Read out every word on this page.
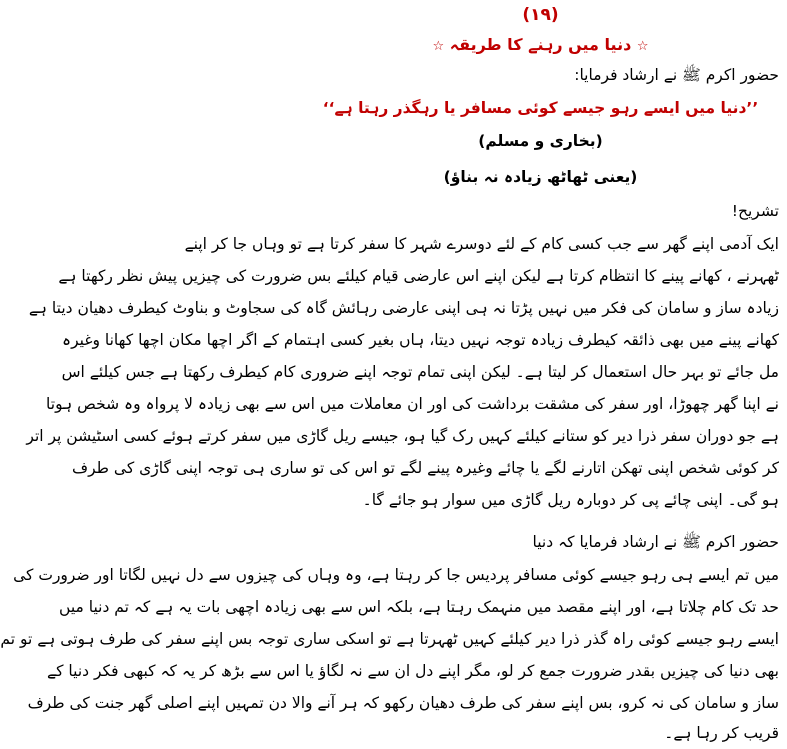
(۱۹)
☆ دنیا میں رہنے کا طریقہ ☆
حضور اکرم ﷺ نے ارشاد فرمایا:
’’دنیا میں ایسے رہو جیسے کوئی مسافر یا رہگذر رہتا ہے‘‘
(بخاری و مسلم)
(یعنی ٹھاٹھ زیادہ نہ بناؤ)
تشریح!
ایک آدمی اپنے گھر سے جب کسی کام کے لئے دوسرے شہر کا سفر کرتا ہے تو وہاں جا کر اپنے
ٹھہرنے ، کھانے پینے کا انتظام کرتا ہے لیکن اپنے اس عارضی قیام کیلئے بس ضرورت کی چیزیں پیش نظر رکھتا ہے
زیادہ ساز و سامان کی فکر میں نہیں پڑتا نہ ہی اپنی عارضی رہائش گاہ کی سجاوٹ و بناوٹ کیطرف دھیان دیتا ہے
کھانے پینے میں بھی ذائقہ کیطرف زیادہ توجہ نہیں دیتا، ہاں بغیر کسی اہتمام کے اگر اچھا مکان اچھا کھانا وغیرہ
مل جائے تو بہر حال استعمال کر لیتا ہے۔ لیکن اپنی تمام توجہ اپنے ضروری کام کیطرف رکھتا ہے جس کیلئے اس
نے اپنا گھر چھوڑا، اور سفر کی مشقت برداشت کی اور ان معاملات میں اس سے بھی زیادہ لا پرواہ وہ شخص ہوتا
ہے جو دوران سفر ذرا دیر کو ستانے کیلئے کہیں رک گیا ہو، جیسے ریل گاڑی میں سفر کرتے ہوئے کسی اسٹیشن پر اتر
کر کوئی شخص اپنی تھکن اتارنے لگے یا چائے وغیرہ پینے لگے تو اس کی تو ساری ہی توجہ اپنی گاڑی کی طرف
ہو گی۔ اپنی چائے پی کر دوبارہ ریل گاڑی میں سوار ہو جائے گا۔
حضور اکرم ﷺ نے ارشاد فرمایا کہ دنیا
میں تم ایسے ہی رہو جیسے کوئی مسافر پردیس جا کر رہتا ہے، وہ وہاں کی چیزوں سے دل نہیں لگاتا اور ضرورت کی
حد تک کام چلاتا ہے، اور اپنے مقصد میں منہمک رہتا ہے، بلکہ اس سے بھی زیادہ اچھی بات یہ ہے کہ تم دنیا میں
ایسے رہو جیسے کوئی راہ گذر ذرا دیر کیلئے کہیں ٹھہرتا ہے تو اسکی ساری توجہ بس اپنے سفر کی طرف ہوتی ہے تو تم
بھی دنیا کی چیزیں بقدر ضرورت جمع کر لو، مگر اپنے دل ان سے نہ لگاؤ یا اس سے بڑھ کر یہ کہ کبھی فکر دنیا کے
ساز و سامان کی نہ کرو، بس اپنے سفر کی طرف دھیان رکھو کہ ہر آنے والا دن تمہیں اپنے اصلی گھر جنت کی طرف
قریب کر رہا ہے۔
